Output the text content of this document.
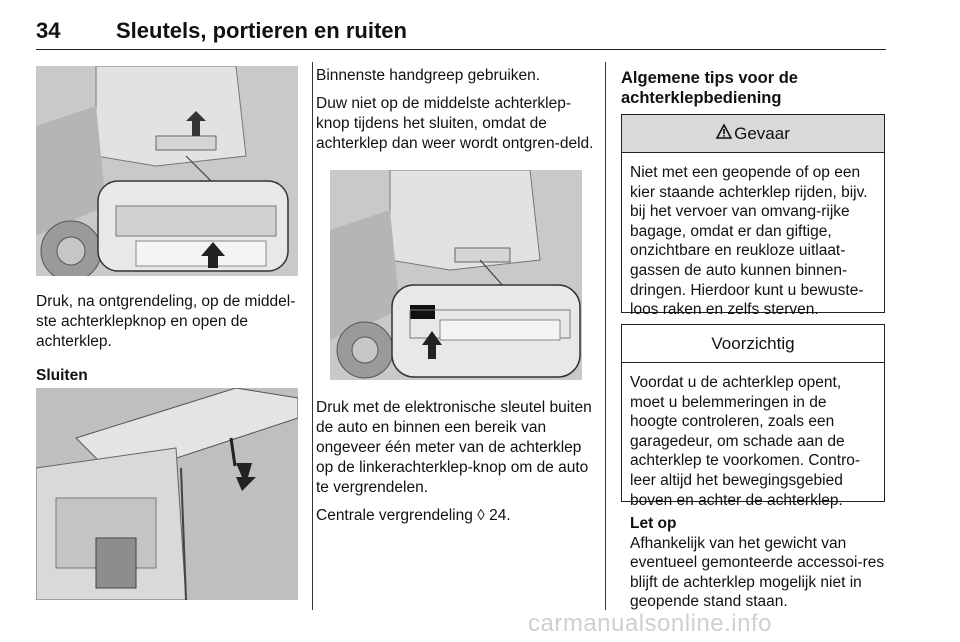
34	Sleutels, portieren en ruiten

Druk, na ontgrendeling, op de middel-ste achterklepknop en open de achterklep.

Sluiten

Binnenste handgreep gebruiken.

Duw niet op de middelste achterklep-knop tijdens het sluiten, omdat de achterklep dan weer wordt ontgren-deld.

Druk met de elektronische sleutel buiten de auto en binnen een bereik van ongeveer één meter van de achterklep op de linkerachterklep-knop om de auto te vergrendelen.

Centrale vergrendeling ◊ 24.

Algemene tips voor de achterklepbediening
Gevaar
Niet met een geopende of op een kier staande achterklep rijden, bijv. bij het vervoer van omvang-rijke bagage, omdat er dan giftige, onzichtbare en reukloze uitlaat-gassen de auto kunnen binnen-dringen. Hierdoor kunt u bewuste-loos raken en zelfs sterven.
Voorzichtig
Voordat u de achterklep opent, moet u belemmeringen in de hoogte controleren, zoals een garagedeur, om schade aan de achterklep te voorkomen. Contro-leer altijd het bewegingsgebied boven en achter de achterklep.
Let op
Afhankelijk van het gewicht van eventueel gemonteerde accessoi-res blijft de achterklep mogelijk niet in geopende stand staan.
carmanualsonline.info
